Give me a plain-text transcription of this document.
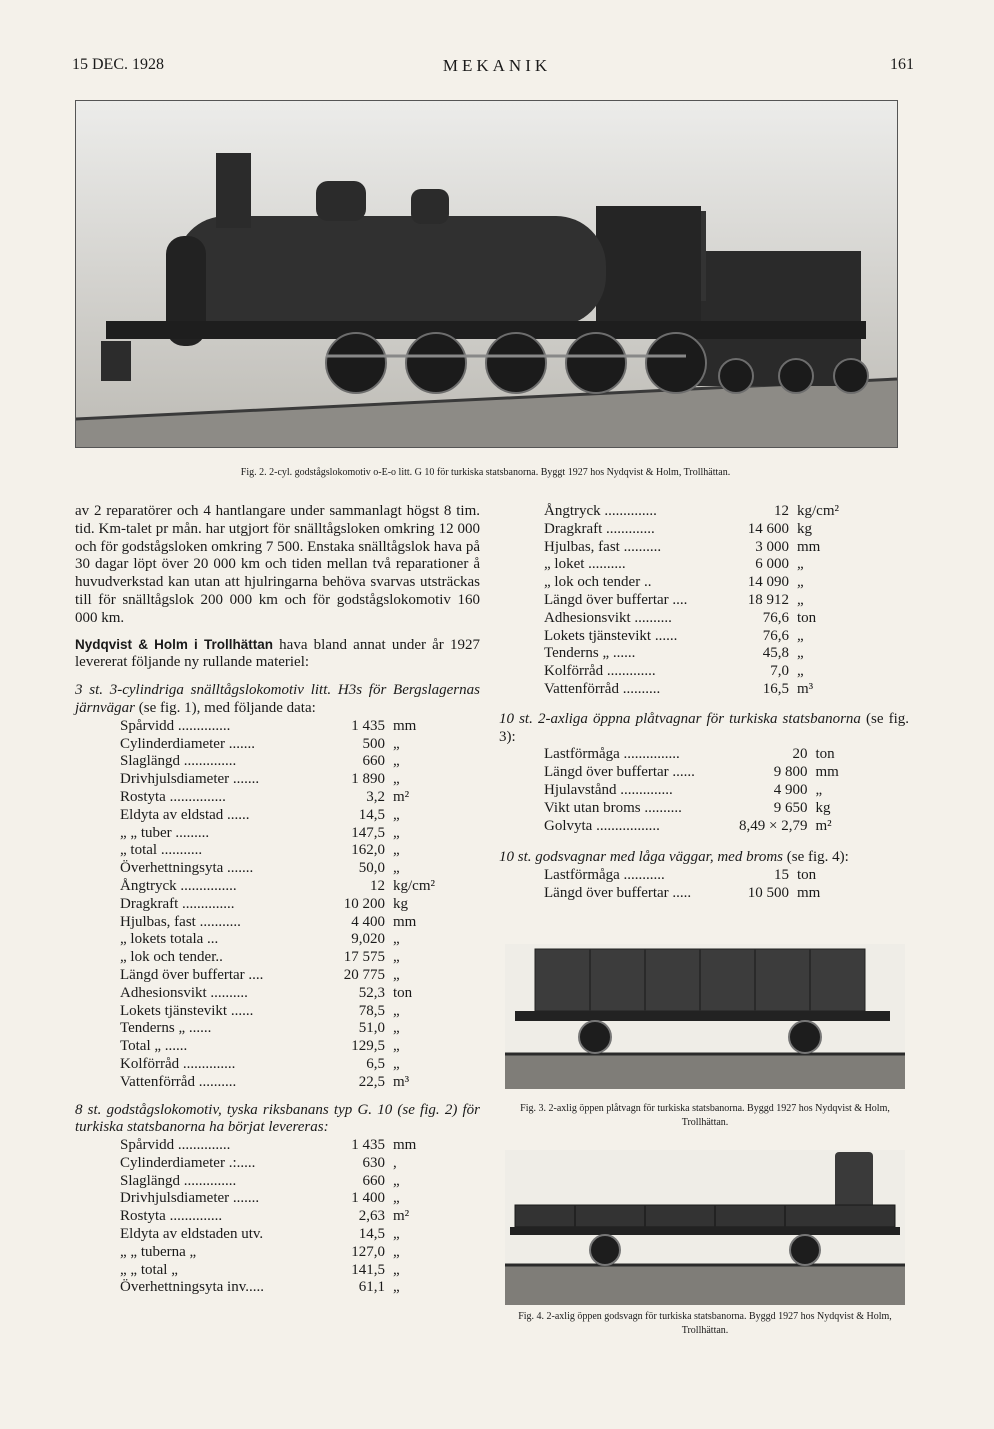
15 DEC. 1928	MEKANIK	161
Fig. 2. 2-cyl. godstågslokomotiv o-E-o litt. G 10 för turkiska statsbanorna. Byggt 1927 hos Nydqvist & Holm, Trollhättan.

av 2 reparatörer och 4 hantlangare under sammanlagt högst 8 tim. tid. Km-talet pr mån. har utgjort för snälltågsloken omkring 12 000 och för godstågsloken omkring 7 500. Enstaka snälltågslok hava på 30 dagar löpt över 20 000 km och tiden mellan två reparationer å huvudverkstad kan utan att hjulringarna behöva svarvas utsträckas till för snälltågslok 200 000 km och för godstågslokomotiv 160 000 km.

Nydqvist & Holm i Trollhättan hava bland annat under år 1927 levererat följande ny rullande materiel:

3 st. 3-cylindriga snälltågslokomotiv litt. H3s för Bergslagernas järnvägar (se fig. 1), med följande data:

Spårvidd ..............	1 435	mm
Cylinderdiameter .......	500	„
Slaglängd ..............	660	„
Drivhjulsdiameter .......	1 890	„
Rostyta ...............	3,2	m²
Eldyta av eldstad ......	14,5	„
„ „ tuber .........	147,5	„
„ total ...........	162,0	„
Överhettningsyta .......	50,0	„
Ångtryck ...............	12	kg/cm²
Dragkraft ..............	10 200	kg
Hjulbas, fast ...........	4 400	mm
„ lokets totala ...	9,020	„
„ lok och tender..	17 575	„
Längd över buffertar ....	20 775	„
Adhesionsvikt ..........	52,3	ton
Lokets tjänstevikt ......	78,5	„
Tenderns „ ......	51,0	„
Total „ ......	129,5	„
Kolförråd ..............	6,5	„
Vattenförråd ..........	22,5	m³

8 st. godstågslokomotiv, tyska riksbanans typ G. 10 (se fig. 2) för turkiska statsbanorna ha börjat levereras:

Spårvidd ..............	1 435	mm
Cylinderdiameter .:.....	630	,
Slaglängd ..............	660	„
Drivhjulsdiameter .......	1 400	„
Rostyta ..............	2,63	m²
Eldyta av eldstaden utv.	14,5	„
„ „ tuberna „	127,0	„
„ „ total „	141,5	„
Överhettningsyta inv.....	61,1	„
Ångtryck ..............	12	kg/cm²
Dragkraft .............	14 600	kg
Hjulbas, fast ..........	3 000	mm
„ loket ..........	6 000	„
„ lok och tender ..	14 090	„
Längd över buffertar ....	18 912	„
Adhesionsvikt ..........	76,6	ton
Lokets tjänstevikt ......	76,6	„
Tenderns „ ......	45,8	„
Kolförråd .............	7,0	„
Vattenförråd ..........	16,5	m³

10 st. 2-axliga öppna plåtvagnar för turkiska statsbanorna (se fig. 3):

Lastförmåga ...............	20	ton
Längd över buffertar ......	9 800	mm
Hjulavstånd ..............	4 900	„
Vikt utan broms ..........	9 650	kg
Golvyta .................	8,49 × 2,79	m²

10 st. godsvagnar med låga väggar, med broms (se fig. 4):

Lastförmåga ...........	15	ton
Längd över buffertar .....	10 500	mm
Fig. 3. 2-axlig öppen plåtvagn för turkiska statsbanorna. Byggd 1927 hos Nydqvist & Holm, Trollhättan.
Fig. 4. 2-axlig öppen godsvagn för turkiska statsbanorna. Byggd 1927 hos Nydqvist & Holm, Trollhättan.
